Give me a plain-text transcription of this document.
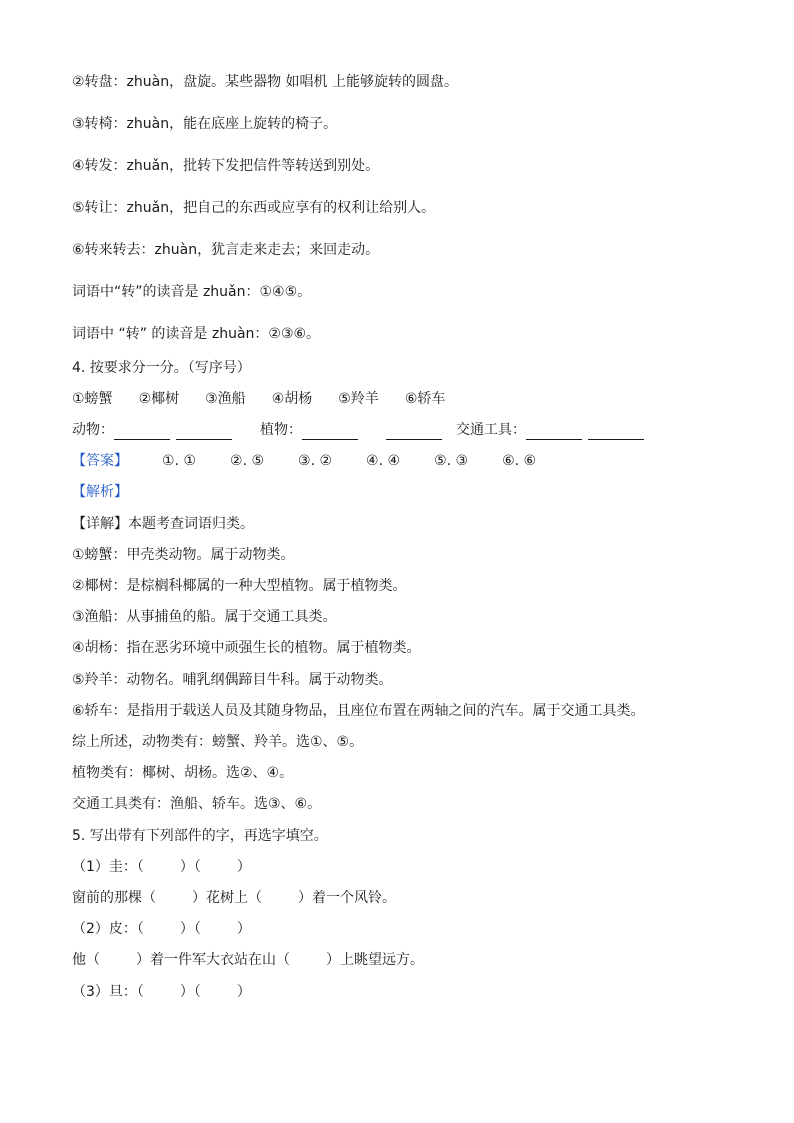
②转盘：zhuàn，盘旋。某些器物 如唱机 上能够旋转的圆盘。
③转椅：zhuàn，能在底座上旋转的椅子。
④转发：zhuǎn，批转下发把信件等转送到别处。
⑤转让：zhuǎn，把自己的东西或应享有的权利让给别人。
⑥转来转去：zhuàn，犹言走来走去；来回走动。
词语中“转”的读音是 zhuǎn：①④⑤。
词语中 “转” 的读音是 zhuàn：②③⑥。
4. 按要求分一分。（写序号）
①螃蟹 ②椰树 ③渔船 ④胡杨 ⑤羚羊 ⑥轿车
动物：	植物：	交通工具：
【答案】 ①. ① ②. ⑤ ③. ② ④. ④ ⑤. ③ ⑥. ⑥
【解析】
【详解】本题考查词语归类。
①螃蟹：甲壳类动物。属于动物类。
②椰树：是棕榈科椰属的一种大型植物。属于植物类。
③渔船：从事捕鱼的船。属于交通工具类。
④胡杨：指在恶劣环境中顽强生长的植物。属于植物类。
⑤羚羊：动物名。哺乳纲偶蹄目牛科。属于动物类。
⑥轿车：是指用于载送人员及其随身物品，且座位布置在两轴之间的汽车。属于交通工具类。
综上所述，动物类有：螃蟹、羚羊。选①、⑤。
植物类有：椰树、胡杨。选②、④。
交通工具类有：渔船、轿车。选③、⑥。
5. 写出带有下列部件的字，再选字填空。
（1）圭：（	）（	）
窗前的那棵（	）花树上（	）着一个风铃。
（2）皮：（	）（	）
他（	）着一件军大衣站在山（	）上眺望远方。
（3）旦：（	）（	）
